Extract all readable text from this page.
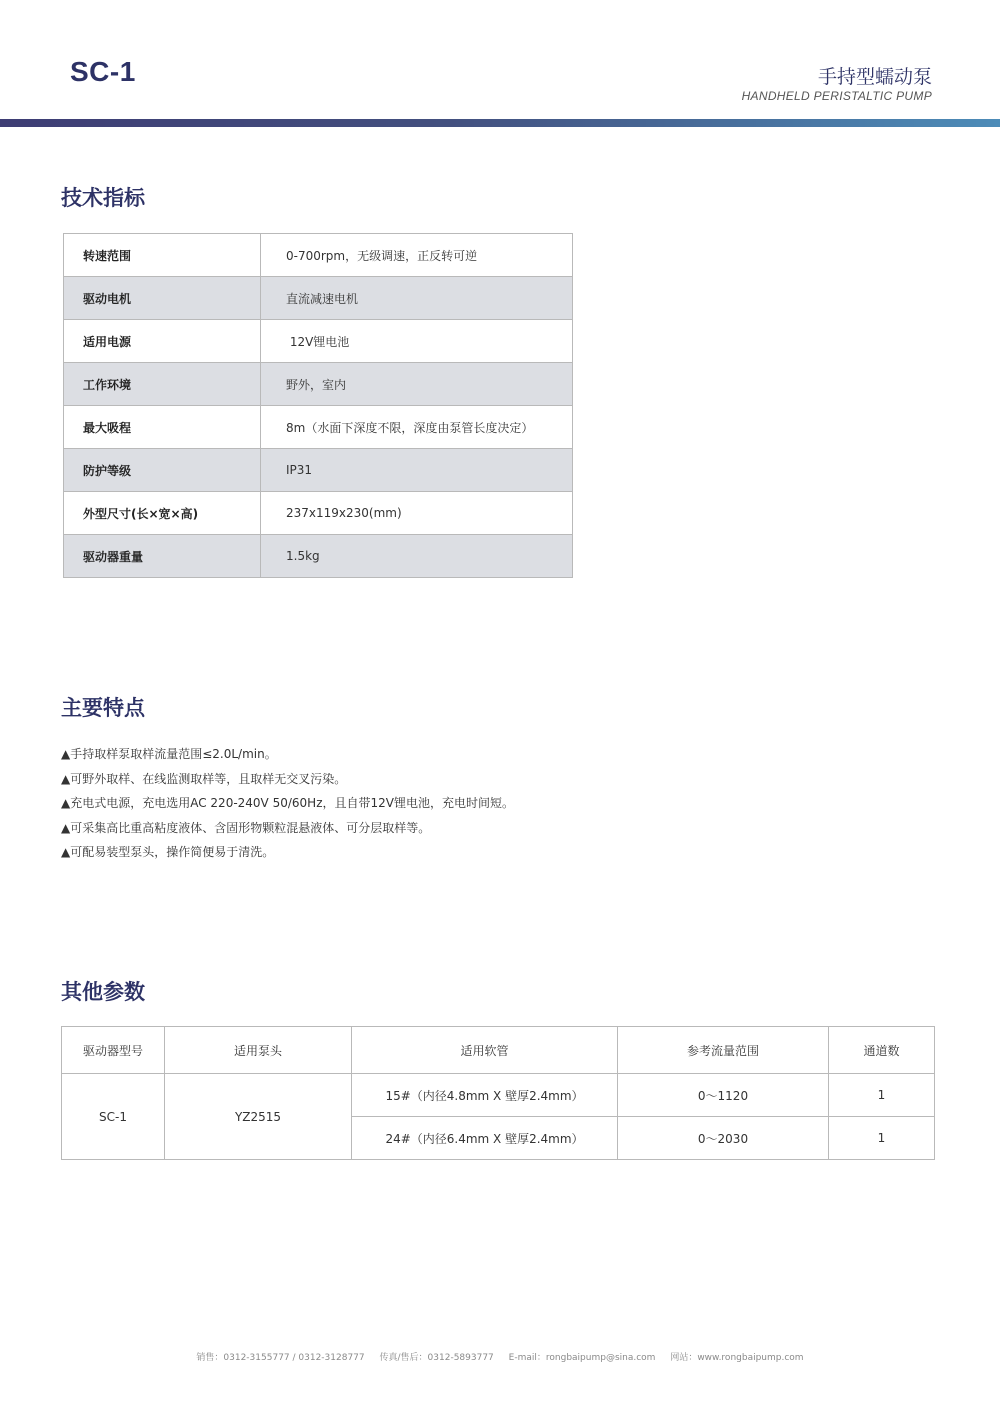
SC-1	手持型蠕动泵
HANDHELD PERISTALTIC PUMP
技术指标
转速范围	0-700rpm，无级调速，正反转可逆
驱动电机	直流减速电机
适用电源	12V锂电池
工作环境	野外，室内
最大吸程	8m（水面下深度不限，深度由泵管长度决定）
防护等级	IP31
外型尺寸(长×宽×高)	237x119x230(mm)
驱动器重量	1.5kg
主要特点
▲手持取样泵取样流量范围≤2.0L/min。
▲可野外取样、在线监测取样等，且取样无交叉污染。
▲充电式电源，充电选用AC 220-240V 50/60Hz，且自带12V锂电池，充电时间短。
▲可采集高比重高粘度液体、含固形物颗粒混悬液体、可分层取样等。
▲可配易装型泵头，操作简便易于清洗。
其他参数
驱动器型号	适用泵头	适用软管	参考流量范围	通道数
SC-1	YZ2515	15#（内径4.8mm X 壁厚2.4mm）	0～1120	1
		24#（内径6.4mm X 壁厚2.4mm）	0～2030	1
销售：0312-3155777 / 0312-3128777 传真/售后：0312-5893777 E-mail：rongbaipump@sina.com 网站：www.rongbaipump.com
